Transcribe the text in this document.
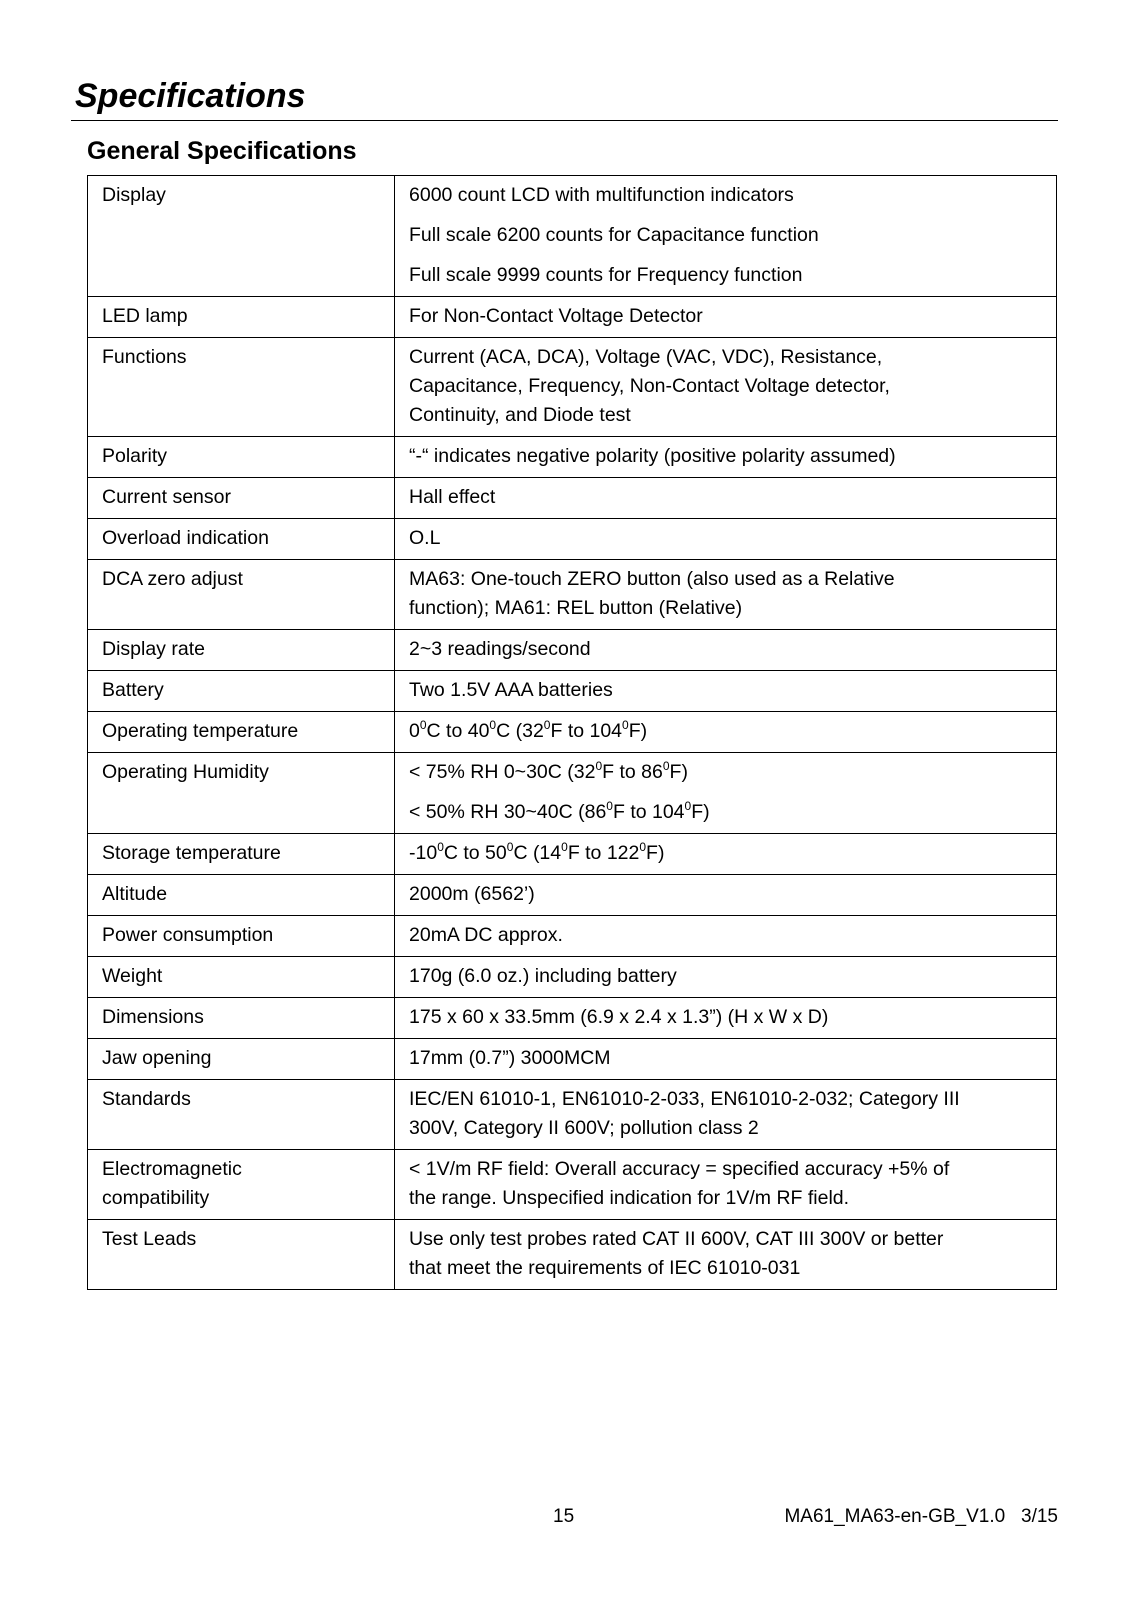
Specifications
General Specifications
Display	6000 count LCD with multifunction indicators
Full scale 6200 counts for Capacitance function
Full scale 9999 counts for Frequency function

LED lamp	For Non-Contact Voltage Detector

Functions	Current (ACA, DCA), Voltage (VAC, VDC), Resistance,
Capacitance, Frequency, Non-Contact Voltage detector,
Continuity, and Diode test

Polarity	“-“ indicates negative polarity (positive polarity assumed)

Current sensor	Hall effect

Overload indication	O.L

DCA zero adjust	MA63: One-touch ZERO button (also used as a Relative
function); MA61: REL button (Relative)

Display rate	2~3 readings/second

Battery	Two 1.5V AAA batteries

Operating temperature	$0^0C$ to $40^0C$ ($32^0F$ to $104^0F$)

Operating Humidity	< 75% RH 0~30C ($32^0F$ to $86^0F$)
< 50% RH 30~40C ($86^0F$ to $104^0F$)

Storage temperature	$-10^0C$ to $50^0C$ ($14^0F$ to $122^0F$)

Altitude	2000m (6562’)

Power consumption	20mA DC approx.

Weight	170g (6.0 oz.) including battery

Dimensions	175 x 60 x 33.5mm (6.9 x 2.4 x 1.3”) (H x W x D)

Jaw opening	17mm (0.7”) 3000MCM

Standards	IEC/EN 61010-1, EN61010-2-033, EN61010-2-032; Category III
300V, Category II 600V; pollution class 2

Electromagnetic
compatibility	< 1V/m RF field: Overall accuracy = specified accuracy +5% of
the range. Unspecified indication for 1V/m RF field.

Test Leads	Use only test probes rated CAT II 600V, CAT III 300V or better
that meet the requirements of IEC 61010-031
15	MA61_MA63-en-GB_V1.0   3/15
